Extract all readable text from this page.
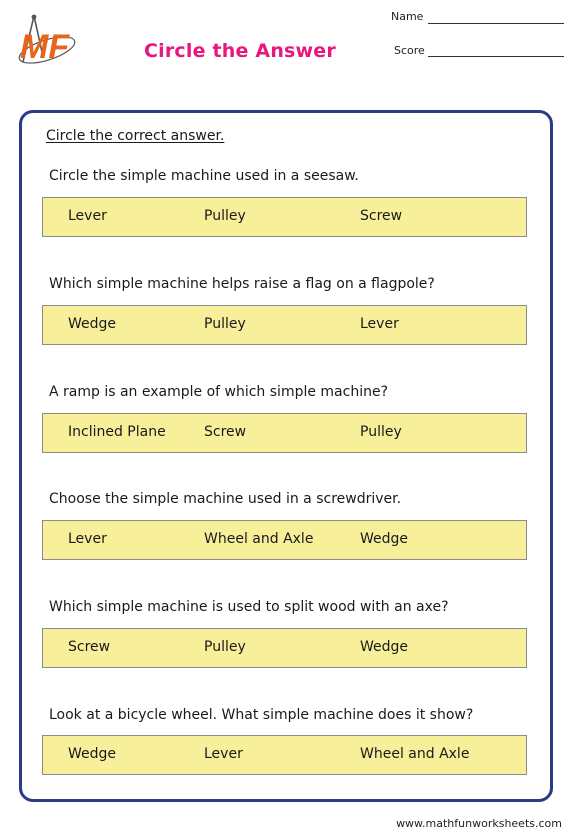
MF	Circle the Answer
Name
Score
Circle the correct answer.
Circle the simple machine used in a seesaw.
Lever	Pulley	Screw
Which simple machine helps raise a flag on a flagpole?
Wedge	Pulley	Lever
A ramp is an example of which simple machine?
Inclined Plane	Screw	Pulley
Choose the simple machine used in a screwdriver.
Lever	Wheel and Axle	Wedge
Which simple machine is used to split wood with an axe?
Screw	Pulley	Wedge
Look at a bicycle wheel. What simple machine does it show?
Wedge	Lever	Wheel and Axle
www.mathfunworksheets.com
